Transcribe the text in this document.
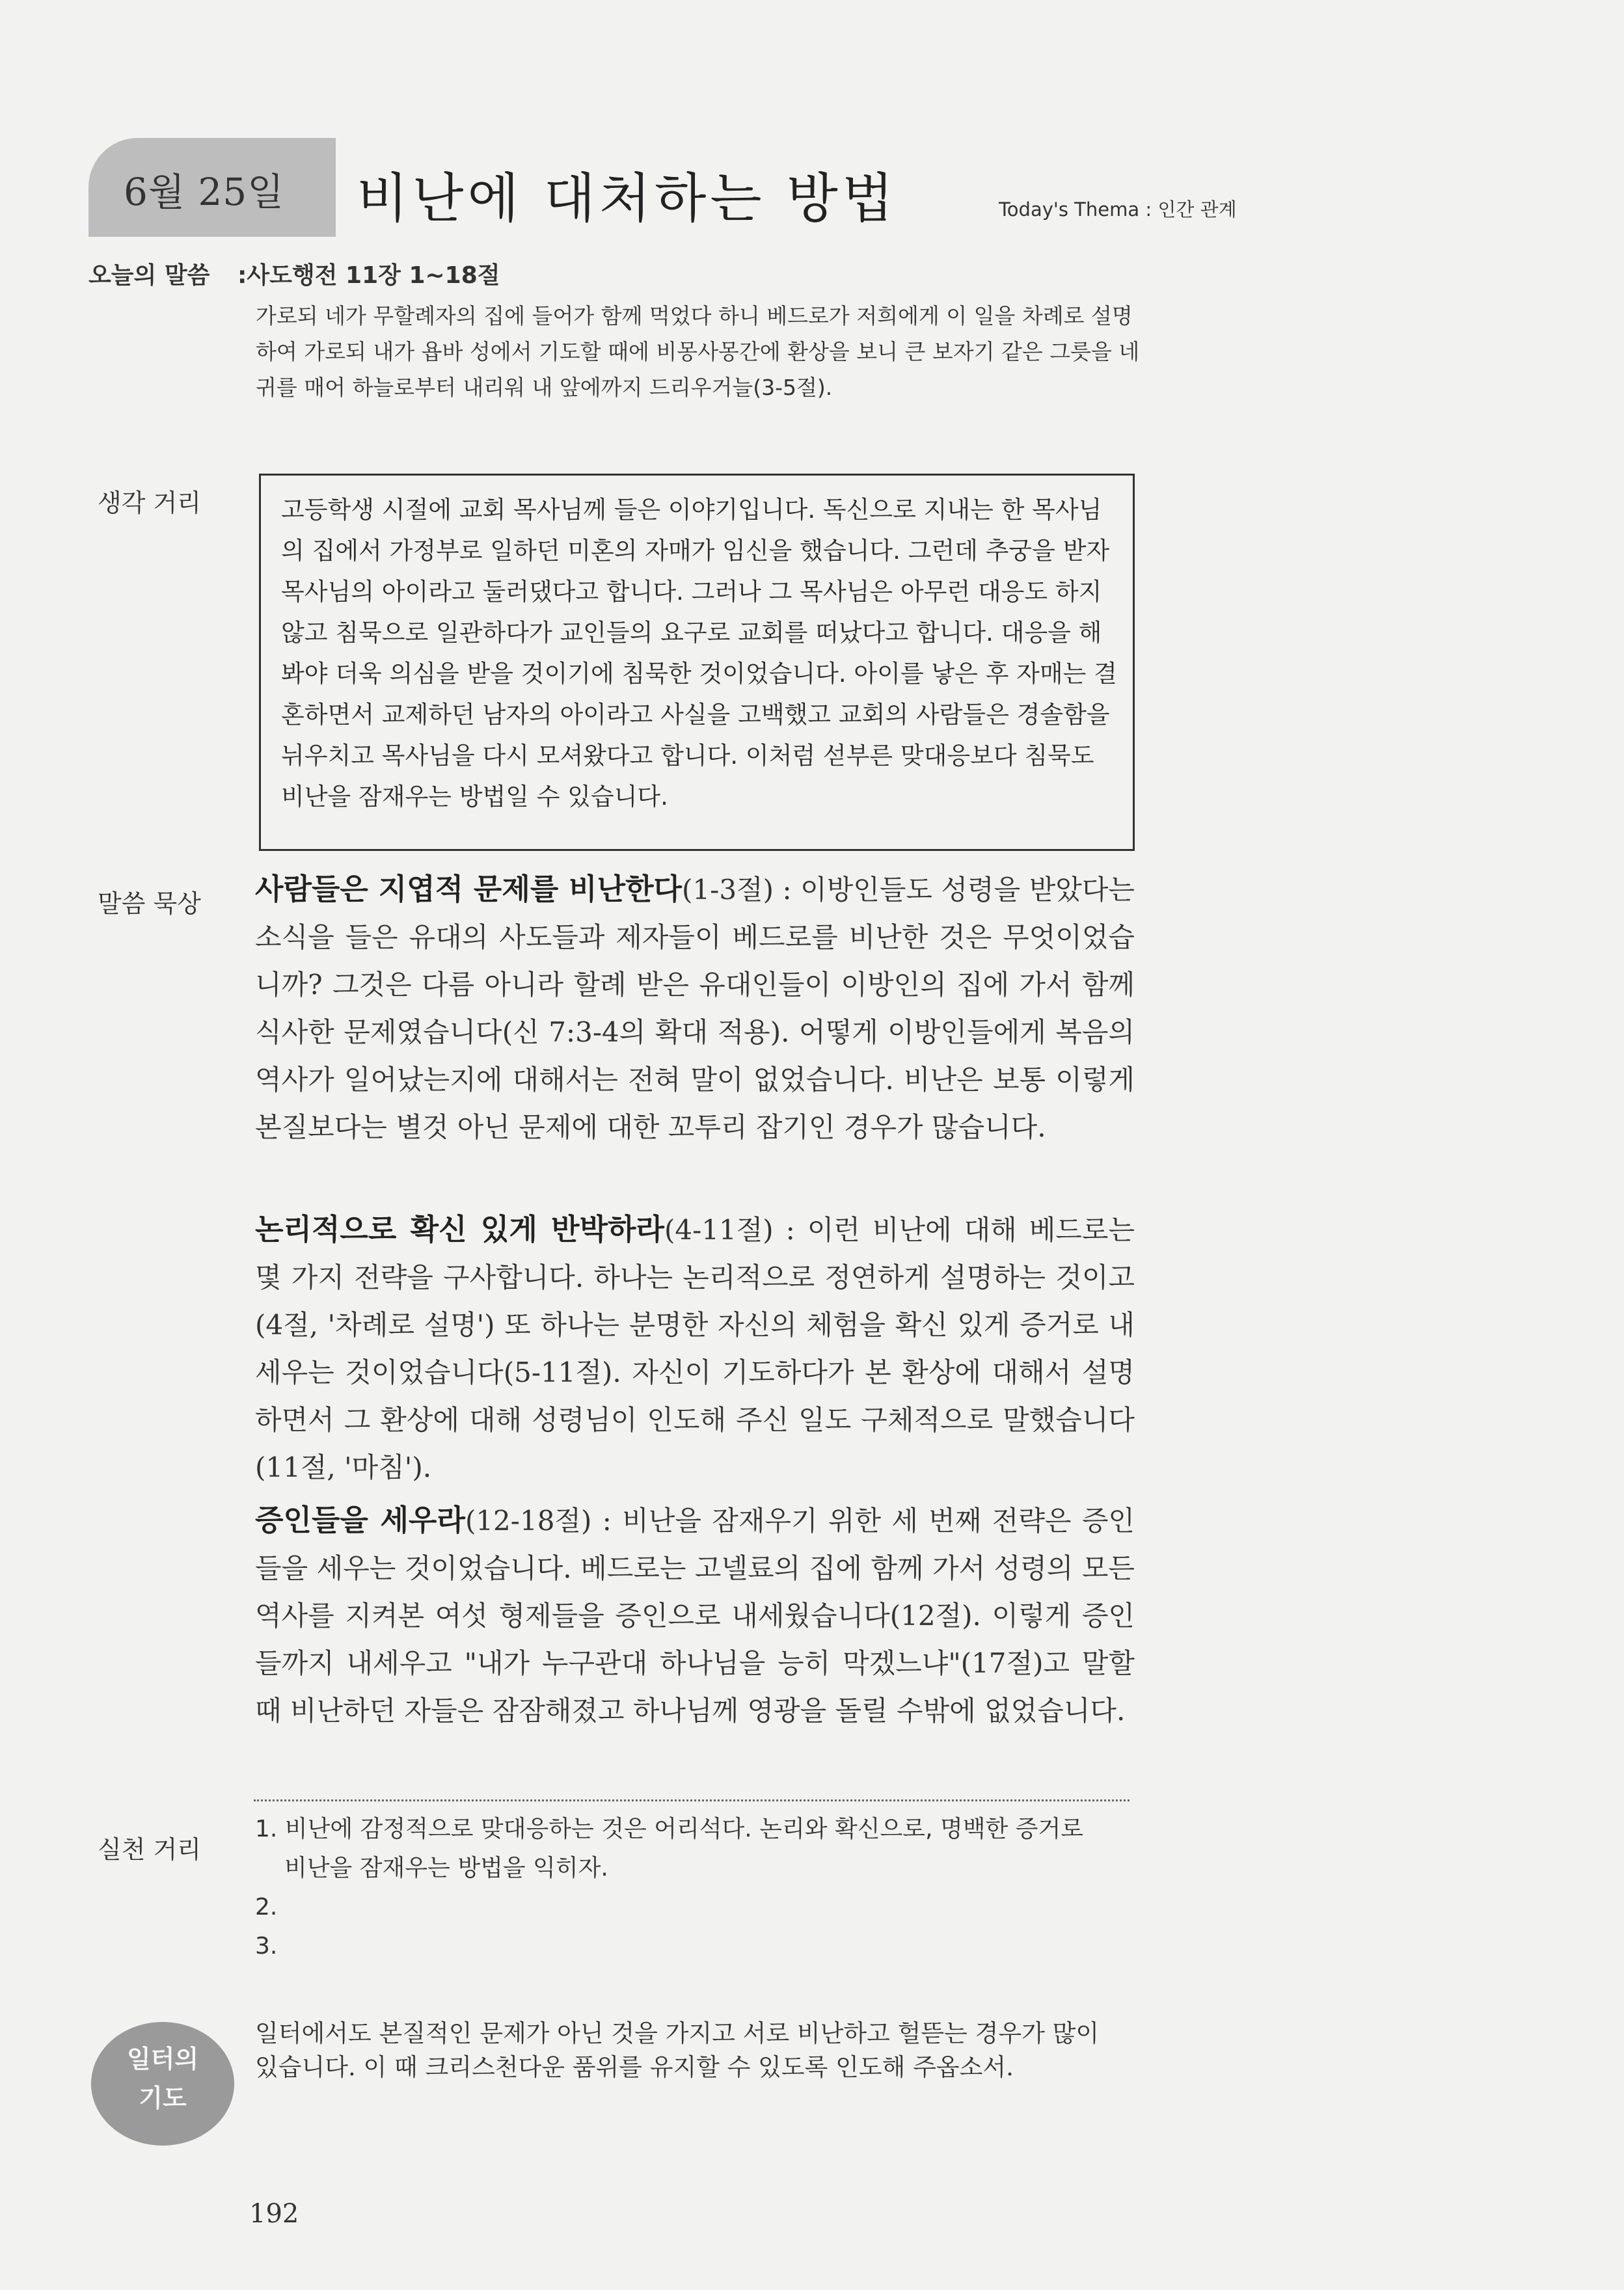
6월 25일 비난에 대처하는 방법	Today's Thema : 인간 관계
오늘의 말씀 :사도행전 11장 1~18절
가로되 네가 무할례자의 집에 들어가 함께 먹었다 하니 베드로가 저희에게 이 일을 차례로 설명하여 가로되 내가 욥바 성에서 기도할 때에 비몽사몽간에 환상을 보니 큰 보자기 같은 그릇을 네 귀를 매어 하늘로부터 내리워 내 앞에까지 드리우거늘(3-5절).
생각 거리	고등학생 시절에 교회 목사님께 들은 이야기입니다. 독신으로 지내는 한 목사님의 집에서 가정부로 일하던 미혼의 자매가 임신을 했습니다. 그런데 추궁을 받자 목사님의 아이라고 둘러댔다고 합니다. 그러나 그 목사님은 아무런 대응도 하지 않고 침묵으로 일관하다가 교인들의 요구로 교회를 떠났다고 합니다. 대응을 해봐야 더욱 의심을 받을 것이기에 침묵한 것이었습니다. 아이를 낳은 후 자매는 결혼하면서 교제하던 남자의 아이라고 사실을 고백했고 교회의 사람들은 경솔함을 뉘우치고 목사님을 다시 모셔왔다고 합니다. 이처럼 섣부른 맞대응보다 침묵도 비난을 잠재우는 방법일 수 있습니다.
말씀 묵상 사람들은 지엽적 문제를 비난한다(1-3절) : 이방인들도 성령을 받았다는 소식을 들은 유대의 사도들과 제자들이 베드로를 비난한 것은 무엇이었습니까? 그것은 다름 아니라 할례 받은 유대인들이 이방인의 집에 가서 함께 식사한 문제였습니다(신 7:3-4의 확대 적용). 어떻게 이방인들에게 복음의 역사가 일어났는지에 대해서는 전혀 말이 없었습니다. 비난은 보통 이렇게 본질보다는 별것 아닌 문제에 대한 꼬투리 잡기인 경우가 많습니다.
논리적으로 확신 있게 반박하라(4-11절) : 이런 비난에 대해 베드로는 몇 가지 전략을 구사합니다. 하나는 논리적으로 정연하게 설명하는 것이고(4절, '차례로 설명') 또 하나는 분명한 자신의 체험을 확신 있게 증거로 내세우는 것이었습니다(5-11절). 자신이 기도하다가 본 환상에 대해서 설명하면서 그 환상에 대해 성령님이 인도해 주신 일도 구체적으로 말했습니다(11절, '마침').
증인들을 세우라(12-18절) : 비난을 잠재우기 위한 세 번째 전략은 증인들을 세우는 것이었습니다. 베드로는 고넬료의 집에 함께 가서 성령의 모든 역사를 지켜본 여섯 형제들을 증인으로 내세웠습니다(12절). 이렇게 증인들까지 내세우고 "내가 누구관대 하나님을 능히 막겠느냐"(17절)고 말할 때 비난하던 자들은 잠잠해졌고 하나님께 영광을 돌릴 수밖에 없었습니다.
실천 거리
1. 비난에 감정적으로 맞대응하는 것은 어리석다. 논리와 확신으로, 명백한 증거로
비난을 잠재우는 방법을 익히자.
2.
3.
일터의
기도
일터에서도 본질적인 문제가 아닌 것을 가지고 서로 비난하고 헐뜯는 경우가 많이 있습니다. 이 때 크리스천다운 품위를 유지할 수 있도록 인도해 주옵소서.
192
